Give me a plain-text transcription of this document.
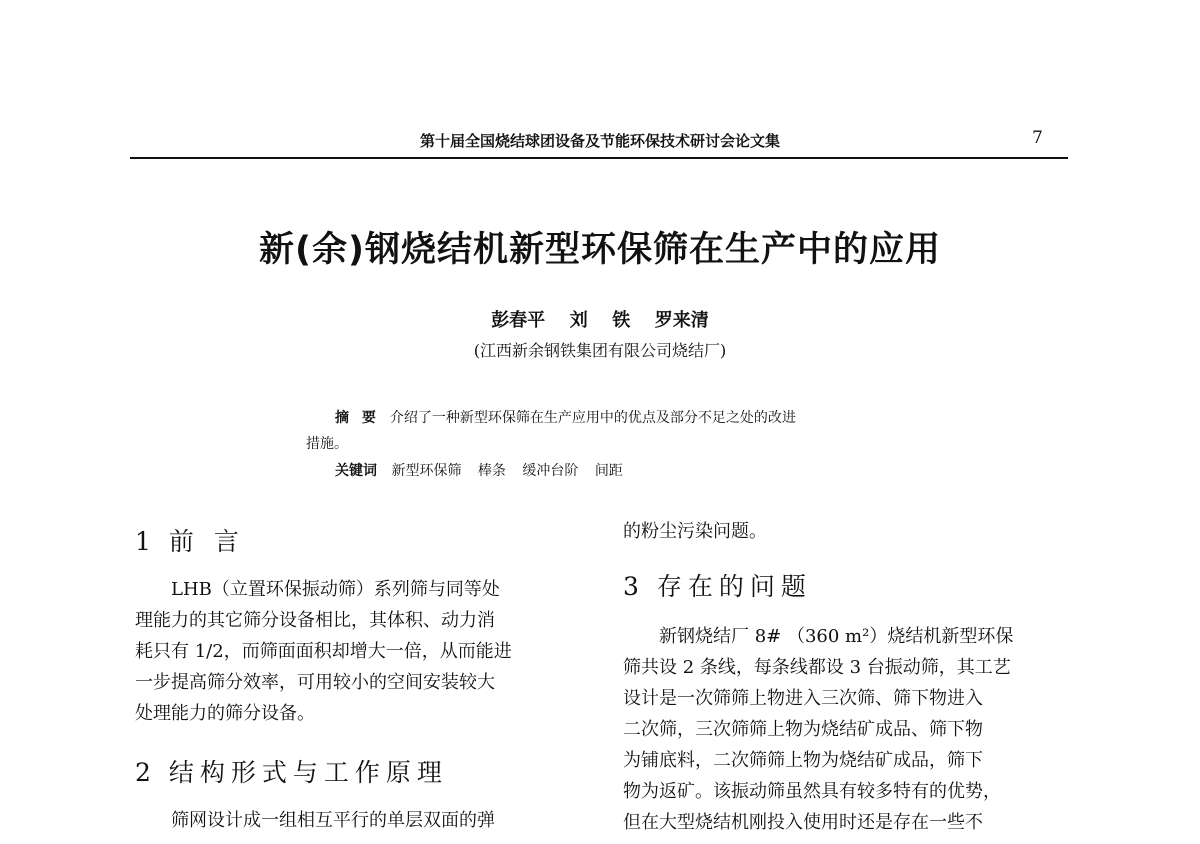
第十届全国烧结球团设备及节能环保技术研讨会论文集	7
新(余)钢烧结机新型环保筛在生产中的应用
彭春平  刘  铁  罗来清
(江西新余钢铁集团有限公司烧结厂)
摘 要 介绍了一种新型环保筛在生产应用中的优点及部分不足之处的改进
措施。
关键词 新型环保筛 棒条 缓冲台阶 间距
1 前 言
LHB（立置环保振动筛）系列筛与同等处
理能力的其它筛分设备相比，其体积、动力消
耗只有 1/2，而筛面面积却增大一倍，从而能进
一步提高筛分效率，可用较小的空间安装较大
处理能力的筛分设备。
2 结构形式与工作原理
筛网设计成一组相互平行的单层双面的弹
的粉尘污染问题。
3 存在的问题
新钢烧结厂 8# （360 m²）烧结机新型环保
筛共设 2 条线，每条线都设 3 台振动筛，其工艺
设计是一次筛筛上物进入三次筛、筛下物进入
二次筛，三次筛筛上物为烧结矿成品、筛下物
为铺底料，二次筛筛上物为烧结矿成品，筛下
物为返矿。该振动筛虽然具有较多特有的优势，
但在大型烧结机刚投入使用时还是存在一些不
